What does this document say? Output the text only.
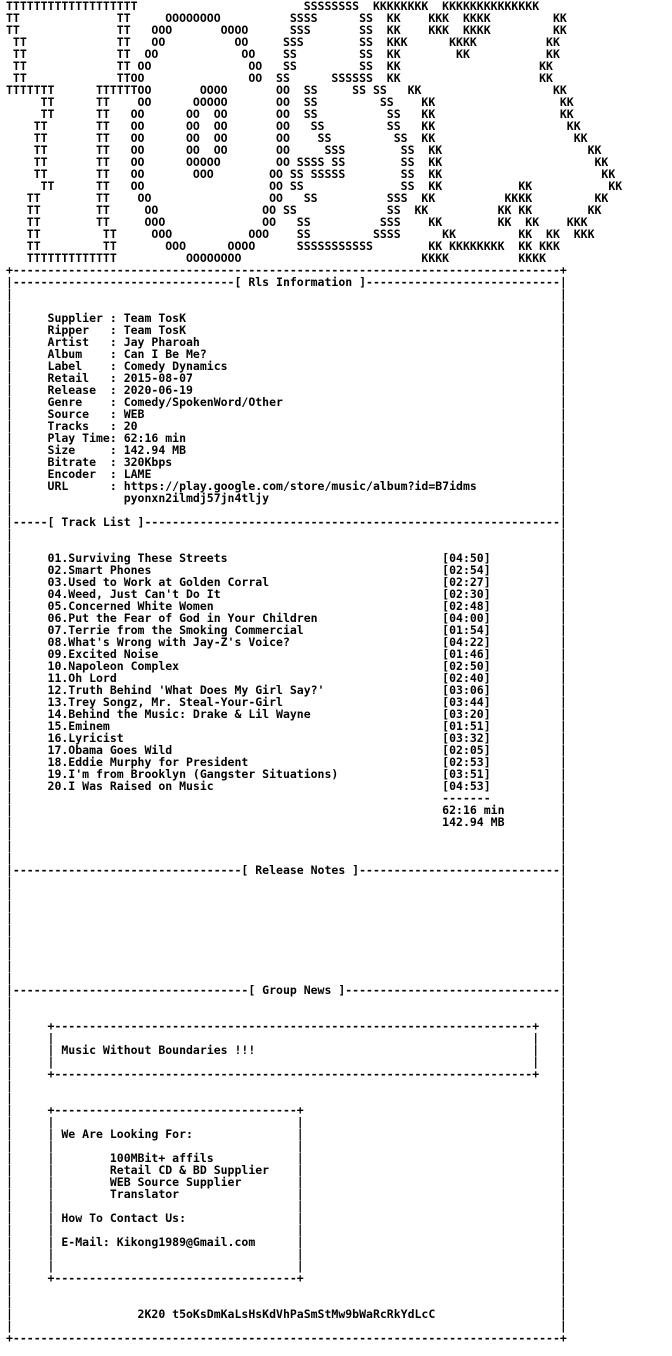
TTTTTTTTTTTTTTTTTTT                        SSSSSSSS  KKKKKKKK  KKKKKKKKKKKKKK
TT              TT     OOOOOOOO          SSSS      SS  KK    KKK  KKKK         KK
TT              TT   OOO       OOOO      SSS       SS  KK    KKK  KKKK         KK
TT             TT   OO          OO     SSS        SS  KKK      KKKK          KK
TT             TT  OO            OO    SS         SS  KK        KK           KK
TT             TT OO              OO   SS         SS  KK                    KK
TT             TTOO               OO  SS      SSSSSS  KK                    KK
TTTTTTT      TTTTTTOO       OOOO       OO  SS     SS SS   KK                   KK
TT      TT    OO      OOOOO       OO  SS         SS    KK                  KK
TT      TT   OO      OO  OO       OO  SS          SS   KK                  KK
TT       TT   OO      OO  OO       OO   SS         SS   KK                   KK
TT       TT   OO      OO  OO       OO    SS         SS  KK                    KK
TT       TT   OO      OO  OO       OO     SSS        SS  KK                     KK
TT       TT   OO      OOOOO        OO SSSS SS        SS  KK                      KK
TT       TT   OO       OOO        OO SS SSSSS        SS  KK                       KK
TT      TT   OO                  OO SS              SS  KK           KK           KK
TT        TT    OO                 OO   SS          SSS  KK          KKKK         KK
TT        TT     OO               OO SS             SS  KK          KK KK        KK
TT        TT     OOO              OO   SS          SSS    KK        KK  KK    KKK
TT         TT     OOO           OOO    SS         SSSS      KK         KK  KK  KKK
TT         TT       OOO      OOOO      SSSSSSSSSSS        KK KKKKKKKK  KK KKK
TTTTTTTTTTTTT          OOOOOOOO                          KKKK          KKKK
+-------------------------------------------------------------------------------+
|--------------------------------[ Rls Information ]----------------------------|
|                                                                               |
|                                                                               |
|     Supplier : Team TosK                                                      |
|     Ripper   : Team TosK                                                      |
|     Artist   : Jay Pharoah                                                    |
|     Album    : Can I Be Me?                                                   |
|     Label    : Comedy Dynamics                                                |
|     Retail   : 2015-08-07                                                     |
|     Release  : 2020-06-19                                                     |
|     Genre    : Comedy/SpokenWord/Other                                        |
|     Source   : WEB                                                            |
|     Tracks   : 20                                                             |
|     Play Time: 62:16 min                                                      |
|     Size     : 142.94 MB                                                      |
|     Bitrate  : 320Kbps                                                        |
|     Encoder  : LAME                                                           |
|     URL      : https://play.google.com/store/music/album?id=B7idms            |
|                pyonxn2ilmdj57jn4tljy                                          |
|                                                                               |
|-----[ Track List ]------------------------------------------------------------|
|                                                                               |
|                                                                               |
|     01.Surviving These Streets                               [04:50]          |
|     02.Smart Phones                                          [02:54]          |
|     03.Used to Work at Golden Corral                         [02:27]          |
|     04.Weed, Just Can't Do It                                [02:30]          |
|     05.Concerned White Women                                 [02:48]          |
|     06.Put the Fear of God in Your Children                  [04:00]          |
|     07.Terrie from the Smoking Commercial                    [01:54]          |
|     08.What's Wrong with Jay-Z's Voice?                      [04:22]          |
|     09.Excited Noise                                         [01:46]          |
|     10.Napoleon Complex                                      [02:50]          |
|     11.Oh Lord                                               [02:40]          |
|     12.Truth Behind 'What Does My Girl Say?'                 [03:06]          |
|     13.Trey Songz, Mr. Steal-Your-Girl                       [03:44]          |
|     14.Behind the Music: Drake & Lil Wayne                   [03:20]          |
|     15.Eminem                                                [01:51]          |
|     16.Lyricist                                              [03:32]          |
|     17.Obama Goes Wild                                       [02:05]          |
|     18.Eddie Murphy for President                            [02:53]          |
|     19.I'm from Brooklyn (Gangster Situations)               [03:51]          |
|     20.I Was Raised on Music                                 [04:53]          |
|                                                              -------          |
|                                                              62:16 min        |
|                                                              142.94 MB        |
|                                                                               |
|                                                                               |
|                                                                               |
|---------------------------------[ Release Notes ]-----------------------------|
|                                                                               |
|                                                                               |
|                                                                               |
|                                                                               |
|                                                                               |
|                                                                               |
|                                                                               |
|                                                                               |
|                                                                               |
|----------------------------------[ Group News ]-------------------------------|
|                                                                               |
|                                                                               |
|     +---------------------------------------------------------------------+   |
|     |                                                                     |   |
|     | Music Without Boundaries !!!                                        |   |
|     |                                                                     |   |
|     +---------------------------------------------------------------------+   |
|                                                                               |
|                                                                               |
|     +-----------------------------------+                                     |
|     |                                   |                                     |
|     | We Are Looking For:               |                                     |
|     |                                   |                                     |
|     |        100MBit+ affils            |                                     |
|     |        Retail CD & BD Supplier    |                                     |
|     |        WEB Source Supplier        |                                     |
|     |        Translator                 |                                     |
|     |                                   |                                     |
|     | How To Contact Us:                |                                     |
|     |                                   |                                     |
|     | E-Mail: Kikong1989@Gmail.com      |                                     |
|     |                                   |                                     |
|     |                                   |                                     |
|     +-----------------------------------+                                     |
|                                                                               |
|                                                                               |
|                  2K20 t5oKsDmKaLsHsKdVhPaSmStMw9bWaRcRkYdLcC                  |
|                                                                               |
+-------------------------------------------------------------------------------+
